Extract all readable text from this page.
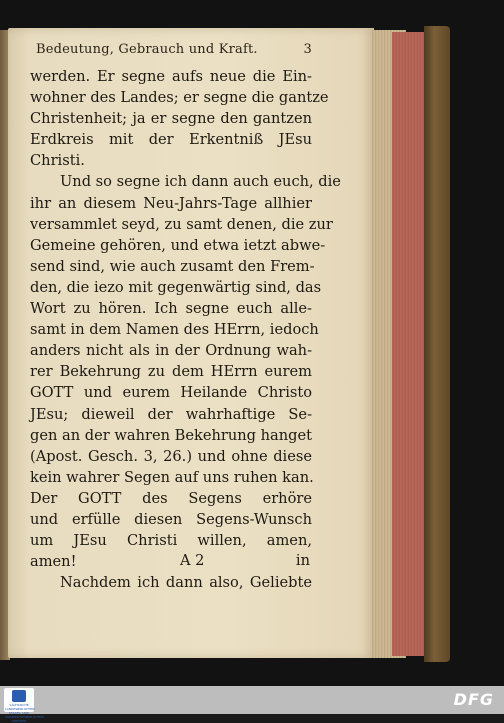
Bedeutung, Gebrauch und Kraft.	3
werden. Er segne aufs neue die Ein-
wohner des Landes; er segne die gantze
Christenheit; ja er segne den gantzen
Erdkreis mit der Erkentniß JEsu
Christi.
Und so segne ich dann auch euch, die
ihr an diesem Neu-Jahrs-Tage allhier
versammlet seyd, zu samt denen, die zur
Gemeine gehören, und etwa ietzt abwe-
send sind, wie auch zusamt den Frem-
den, die iezo mit gegenwärtig sind, das
Wort zu hören. Ich segne euch alle-
samt in dem Namen des HErrn, iedoch
anders nicht als in der Ordnung wah-
rer Bekehrung zu dem HErrn eurem
GOTT und eurem Heilande Christo
JEsu; dieweil der wahrhaftige Se-
gen an der wahren Bekehrung hanget
(Apost. Gesch. 3, 26.) und ohne diese
kein wahrer Segen auf uns ruhen kan.
Der GOTT des Segens erhöre
und erfülle diesen Segens-Wunsch
um JEsu Christi willen, amen,
amen!
Nachdem ich dann also, Geliebte
A 2	in
SÄCHSISCHE LANDESBIBLIOTHEK STAATS- UND UNIVERSITÄTSBIBLIOTHEK DRESDEN
DFG
